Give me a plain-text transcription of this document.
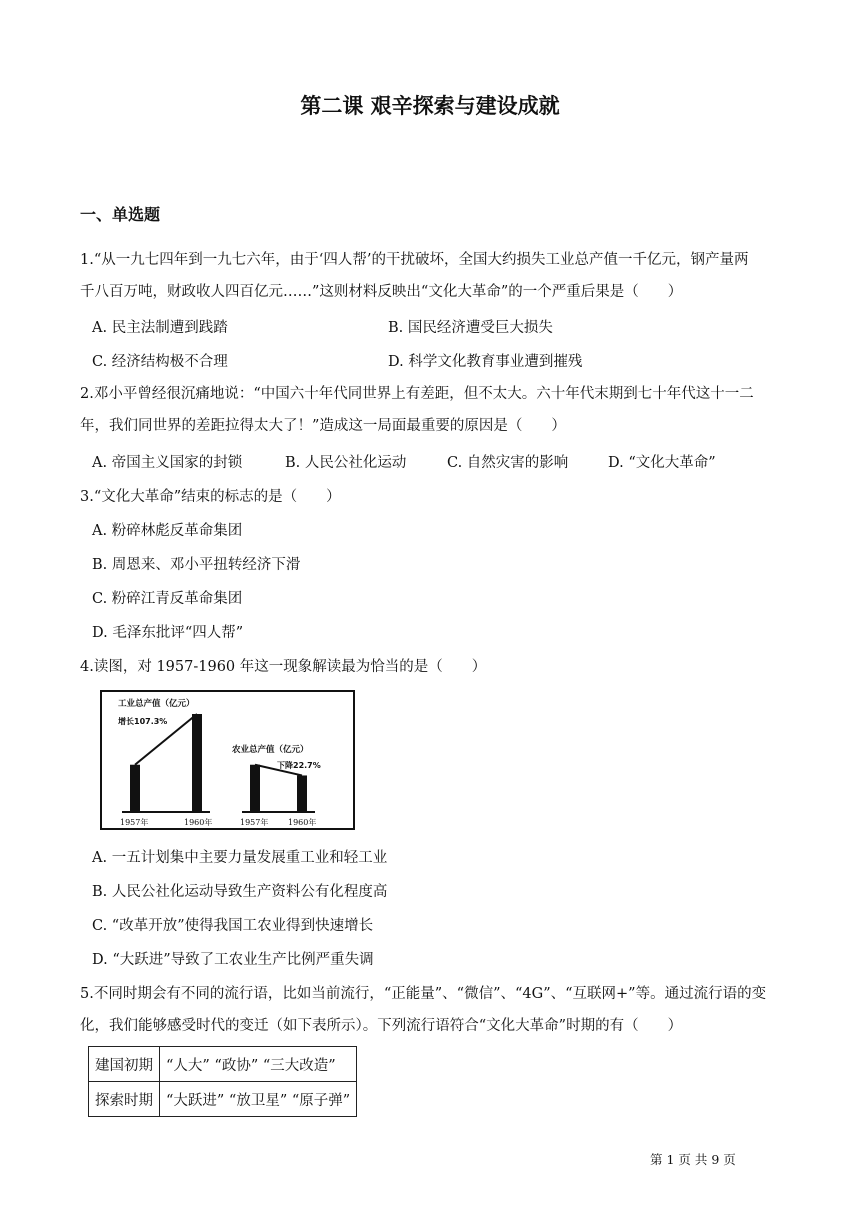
第二课 艰辛探索与建设成就
一、单选题
1.“从一九七四年到一九七六年，由于‘四人帮’的干扰破坏，全国大约损失工业总产值一千亿元，钢产量两
千八百万吨，财政收人四百亿元……”这则材料反映出“文化大革命”的一个严重后果是（　　）
A. 民主法制遭到践踏	B. 国民经济遭受巨大损失
C. 经济结构极不合理	D. 科学文化教育事业遭到摧残
2.邓小平曾经很沉痛地说：“中国六十年代同世界上有差距，但不太大。六十年代末期到七十年代这十一二
年，我们同世界的差距拉得太大了！”造成这一局面最重要的原因是（　　）
A. 帝国主义国家的封锁	B. 人民公社化运动	C. 自然灾害的影响	D. “文化大革命”
3.“文化大革命”结束的标志的是（　　）
A. 粉碎林彪反革命集团
B. 周恩来、邓小平扭转经济下滑
C. 粉碎江青反革命集团
D. 毛泽东批评“四人帮”
4.读图，对 1957-1960 年这一现象解读最为恰当的是（　　）
1957年	1960年
工业总产值（亿元）
增长107.3%
1957年 1960年
农业总产值（亿元）
下降22.7%
A. 一五计划集中主要力量发展重工业和轻工业
B. 人民公社化运动导致生产资料公有化程度高
C. “改革开放”使得我国工农业得到快速增长
D. “大跃进”导致了工农业生产比例严重失调
5.不同时期会有不同的流行语，比如当前流行，“正能量”、“微信”、“4G”、“互联网+”等。通过流行语的变
化，我们能够感受时代的变迁（如下表所示）。下列流行语符合“文化大革命”时期的有（　　）
建国初期	“人大” “政协” “三大改造”
探索时期	“大跃进” “放卫星” “原子弹”
第 1 页 共 9 页
